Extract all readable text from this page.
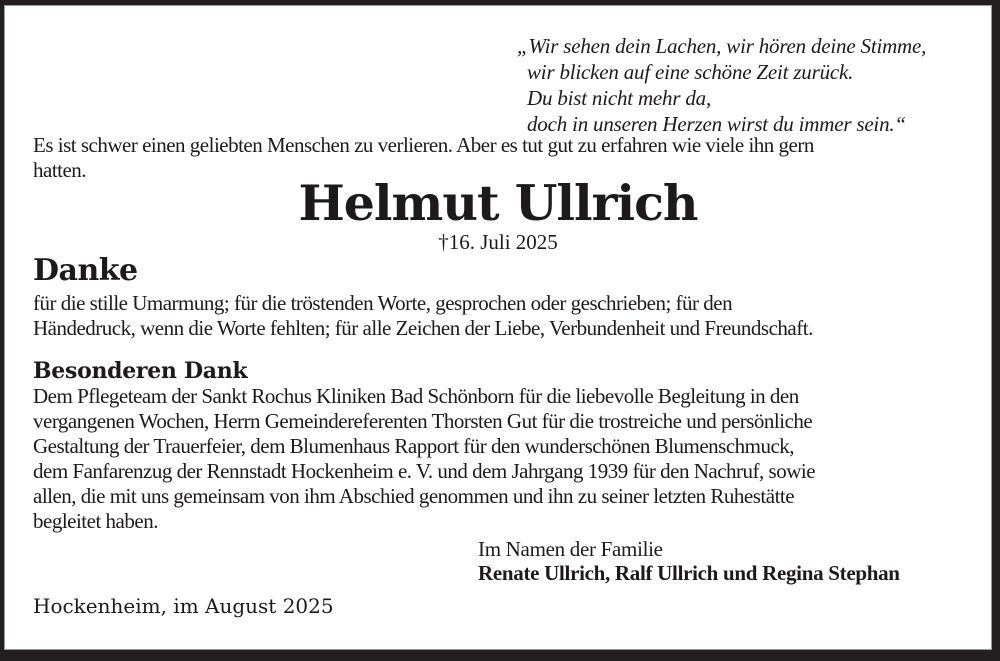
„Wir sehen dein Lachen, wir hören deine Stimme,
wir blicken auf eine schöne Zeit zurück.
Du bist nicht mehr da,
doch in unseren Herzen wirst du immer sein.“
Es ist schwer einen geliebten Menschen zu verlieren. Aber es tut gut zu erfahren wie viele ihn gern
hatten.
Helmut Ullrich
†16. Juli 2025
Danke
für die stille Umarmung; für die tröstenden Worte, gesprochen oder geschrieben; für den
Händedruck, wenn die Worte fehlten; für alle Zeichen der Liebe, Verbundenheit und Freundschaft.
Besonderen Dank
Dem Pflegeteam der Sankt Rochus Kliniken Bad Schönborn für die liebevolle Begleitung in den
vergangenen Wochen, Herrn Gemeindereferenten Thorsten Gut für die trostreiche und persönliche
Gestaltung der Trauerfeier, dem Blumenhaus Rapport für den wunderschönen Blumenschmuck,
dem Fanfarenzug der Rennstadt Hockenheim e. V. und dem Jahrgang 1939 für den Nachruf, sowie
allen, die mit uns gemeinsam von ihm Abschied genommen und ihn zu seiner letzten Ruhestätte
begleitet haben.
Im Namen der Familie
Renate Ullrich, Ralf Ullrich und Regina Stephan
Hockenheim, im August 2025
